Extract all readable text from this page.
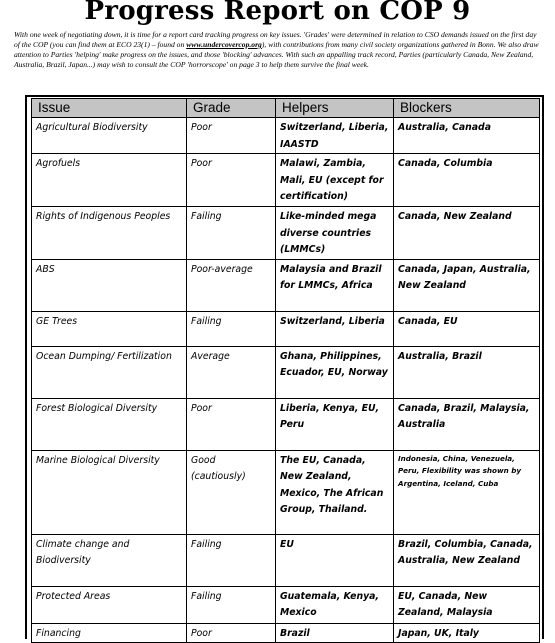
Progress Report on COP 9
With one week of negotiating down, it is time for a report card tracking progress on key issues. 'Grades' were determined in relation to CSO demands issued on the first day of the COP (you can find them at ECO 23(1) – found on www.undercovercop.org), with contributions from many civil society organizations gathered in Bonn. We also draw attention to Parties 'helping' make progress on the issues, and those 'blocking' advances. With such an appalling track record, Parties (particularly Canada, New Zealand, Australia, Brazil, Japan...) may wish to consult the COP 'horrorscope' on page 3 to help them survive the final week.
Issue	Grade	Helpers	Blockers
Agricultural Biodiversity	Poor	Switzerland, Liberia, IAASTD	Australia, Canada
Agrofuels	Poor	Malawi, Zambia, Mali, EU (except for certification)	Canada, Columbia
Rights of Indigenous Peoples	Failing	Like-minded mega diverse countries (LMMCs)	Canada, New Zealand
ABS	Poor-average	Malaysia and Brazil for LMMCs, Africa	Canada, Japan, Australia, New Zealand
GE Trees	Failing	Switzerland, Liberia	Canada, EU
Ocean Dumping/ Fertilization	Average	Ghana, Philippines, Ecuador, EU, Norway	Australia, Brazil
Forest Biological Diversity	Poor	Liberia, Kenya, EU, Peru	Canada, Brazil, Malaysia, Australia
Marine Biological Diversity	Good (cautiously)	The EU, Canada, New Zealand, Mexico, The African Group, Thailand.	Indonesia, China, Venezuela, Peru, Flexibility was shown by Argentina, Iceland, Cuba
Climate change and Biodiversity	Failing	EU	Brazil, Columbia, Canada, Australia, New Zealand
Protected Areas	Failing	Guatemala, Kenya, Mexico	EU, Canada, New Zealand, Malaysia
Financing	Poor	Brazil	Japan, UK, Italy
